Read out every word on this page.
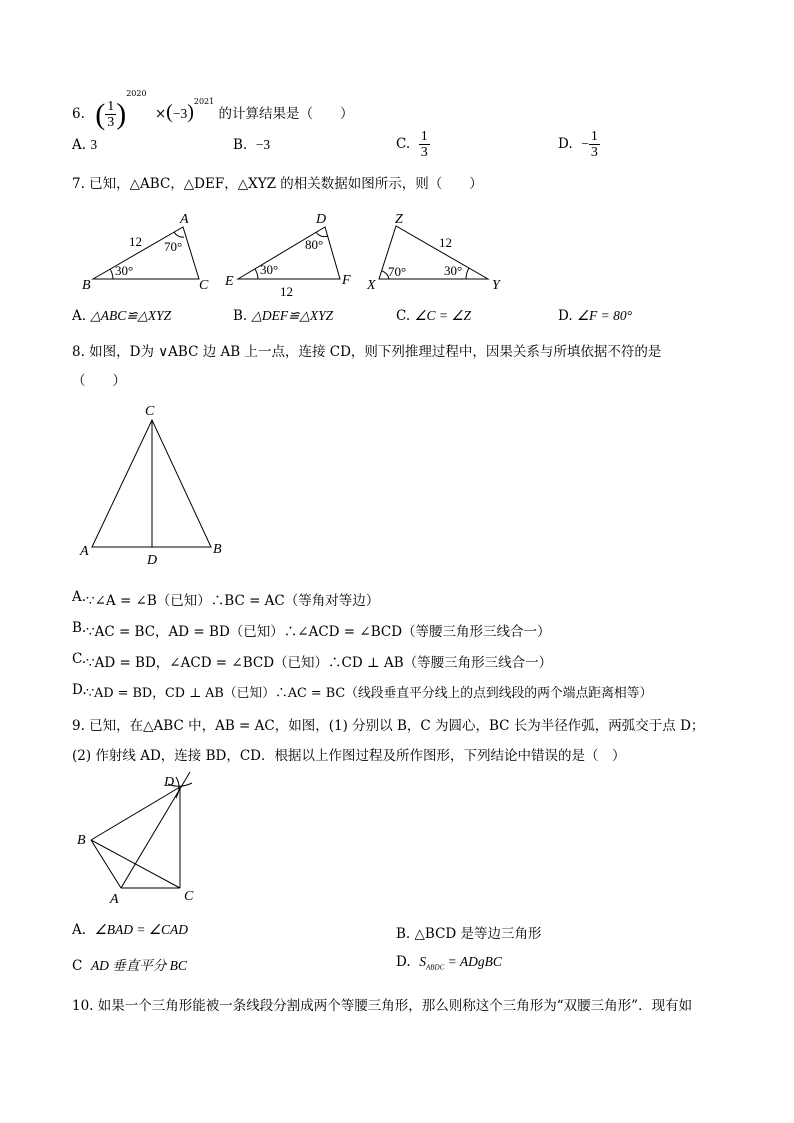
6. ( $\frac{1}{3} )^{2020} \times(-3)^{2021}$ 的计算结果是（　　）
A. 3	B. −3	C. $\frac{1}{3}$	D. − $\frac{1}{3}$
7. 已知，△ABC，△DEF，△XYZ 的相关数据如图所示，则（　　）
A
B	C
12 70°
30°
D
E	F
12
80°
30°
Z
X	Y
12
70°	30°
A. △ABC≌△XYZ	B. △DEF≌△XYZ	C. ∠C = ∠Z	D. ∠F = 80°
8. 如图，D为 ∨ABC 边 AB 上一点，连接 CD，则下列推理过程中，因果关系与所填依据不符的是
（　　）
C
A	B
D
∵∠A = ∠B（已知）∴BC = AC（等角对等边）
A.
B. ∵AC = BC，AD = BD（已知）∴∠ACD = ∠BCD（等腰三角形三线合一）
C. ∵AD = BD，∠ACD = ∠BCD（已知）∴CD ⊥ AB（等腰三角形三线合一）
D. ∵AD = BD，CD ⊥ AB（已知）∴AC = BC（线段垂直平分线上的点到线段的两个端点距离相等）
9. 已知，在△ABC 中，AB = AC，如图，(1) 分别以 B，C 为圆心，BC 长为半径作弧，两弧交于点 D；
(2) 作射线 AD，连接 BD，CD．根据以上作图过程及所作图形，下列结论中错误的是（　）
D
B
A	C
A. ∠BAD = ∠CAD	B. △BCD 是等边三角形
C AD 垂直平分 BC	D. $S_{ABDC}$ = ADgBC
10. 如果一个三角形能被一条线段分割成两个等腰三角形，那么则称这个三角形为“双腰三角形”．现有如
